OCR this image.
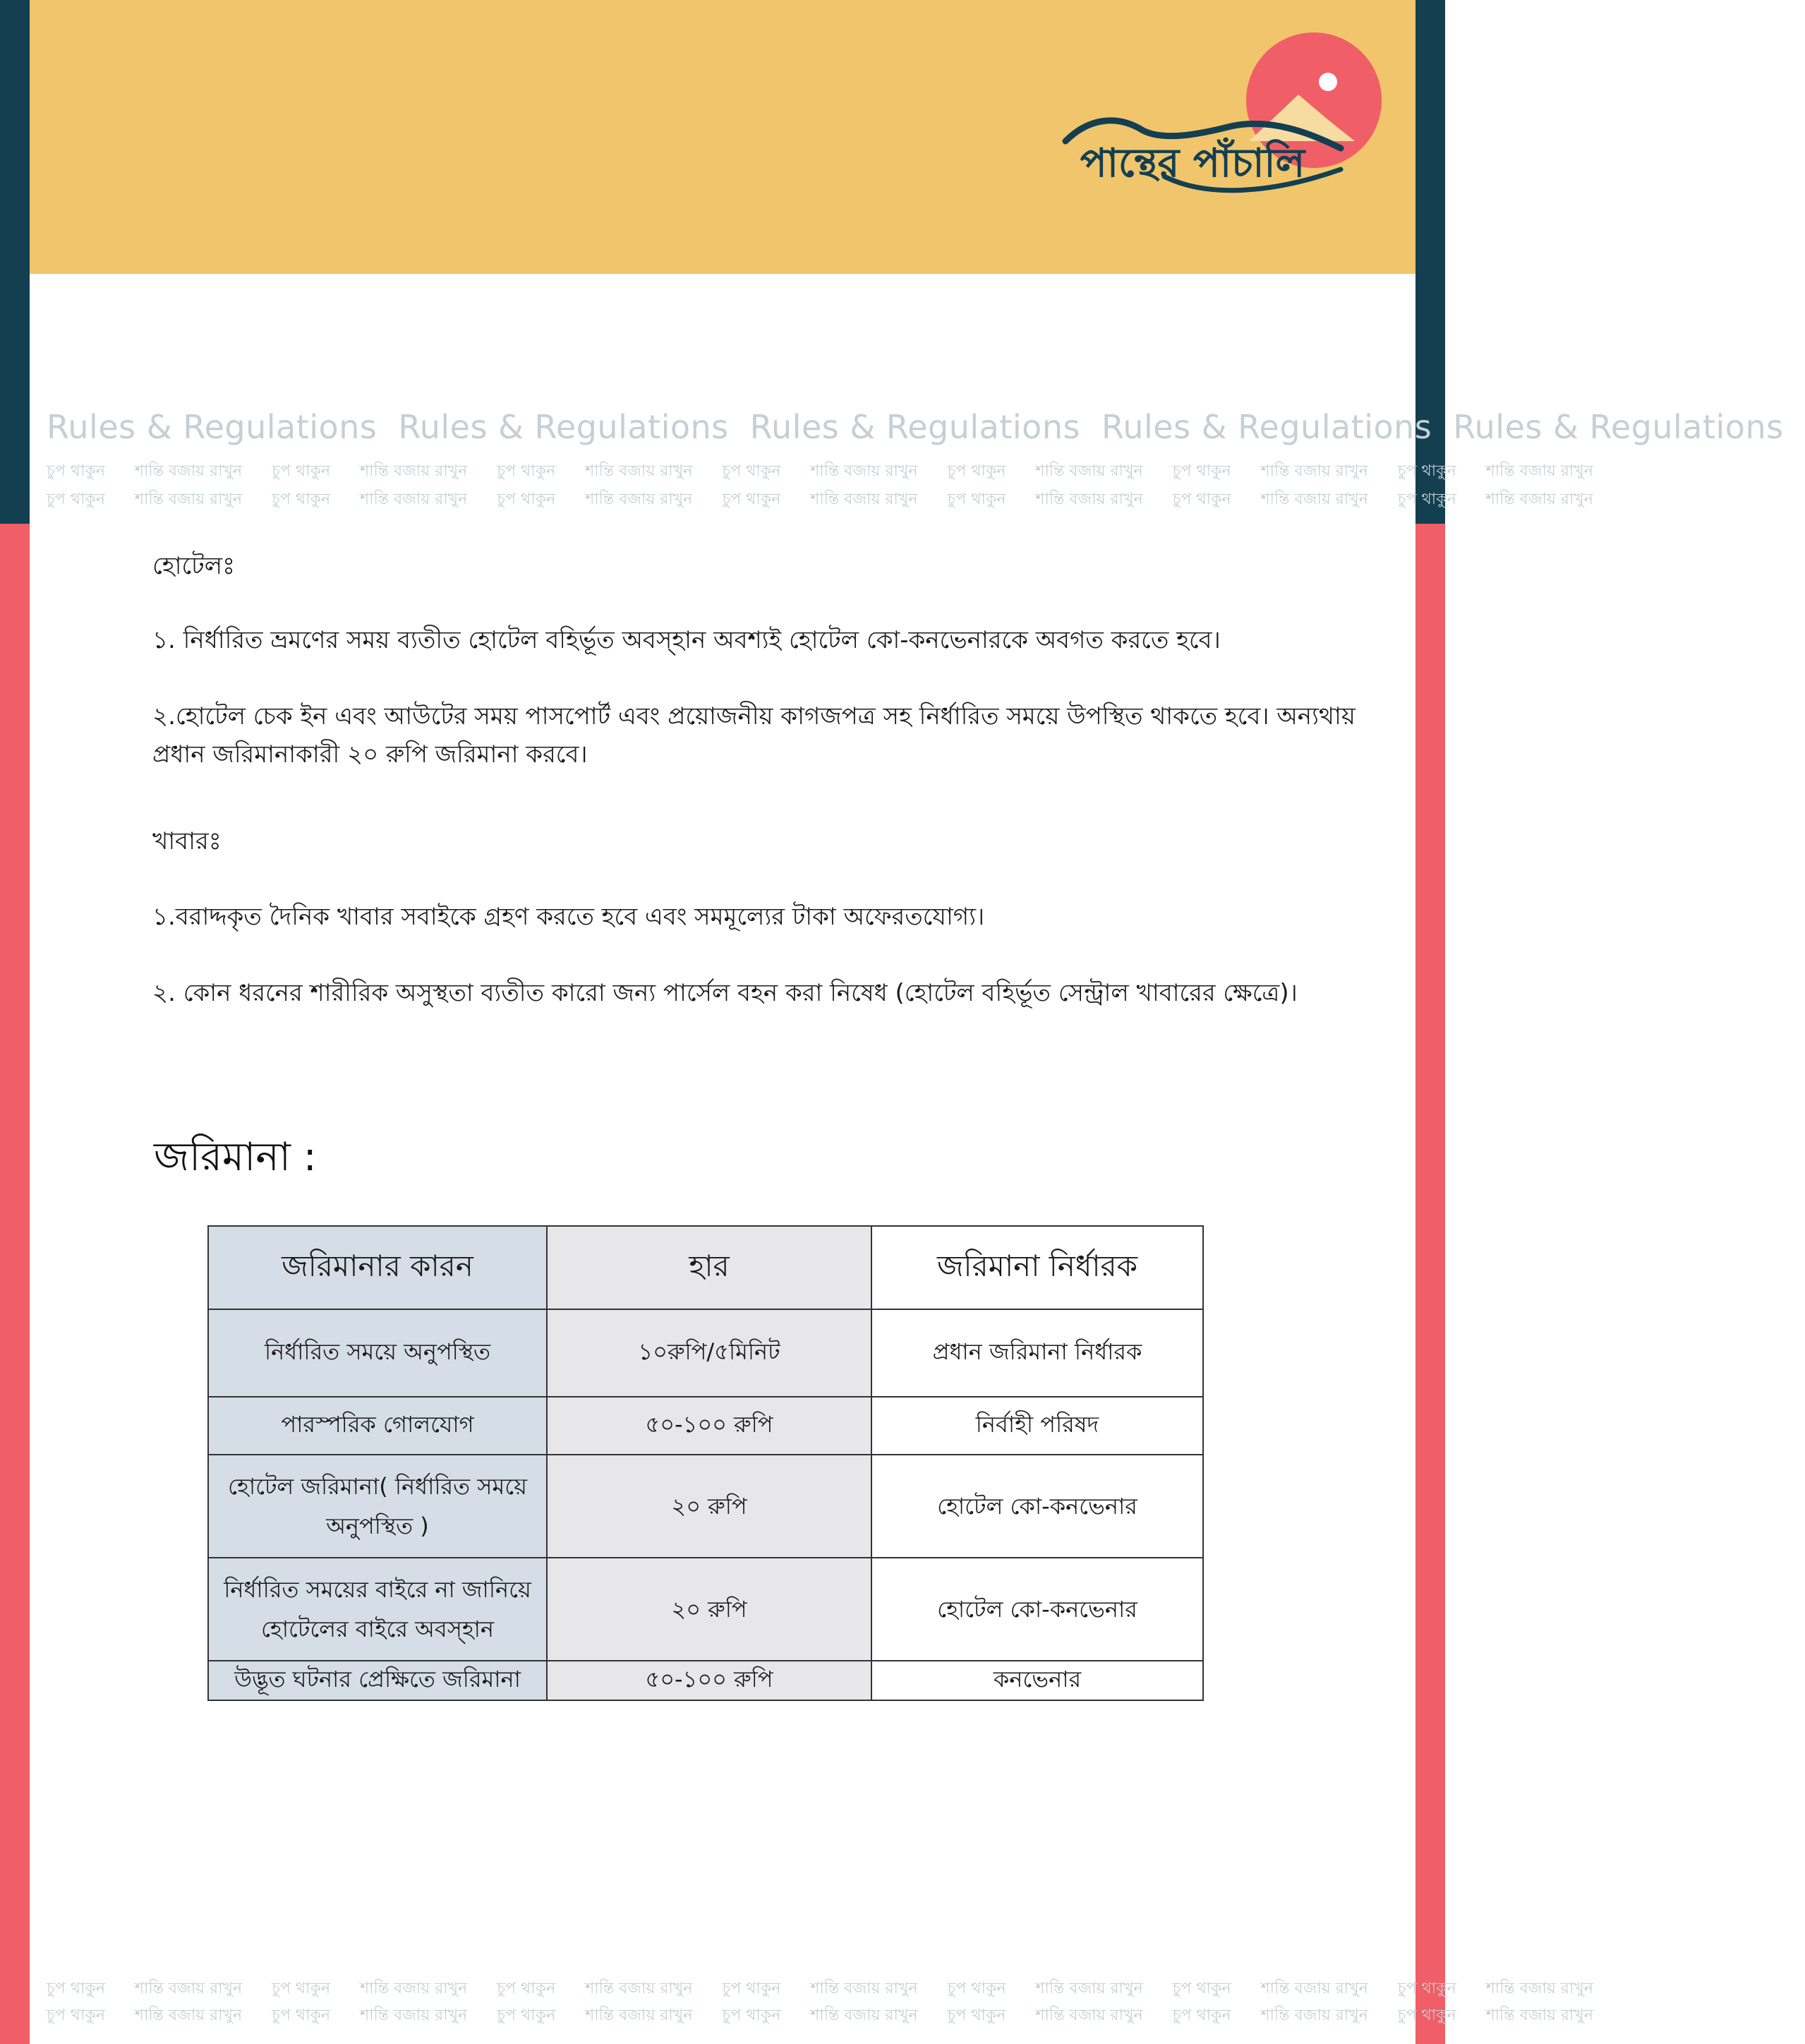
পান্থের পাঁচালি
Rules & Regulations Rules & Regulations Rules & Regulations Rules & Regulations Rules & Regulations
চুপ থাকুন শান্তি বজায় রাখুন চুপ থাকুন শান্তি বজায় রাখুন চুপ থাকুন শান্তি বজায় রাখুন চুপ থাকুন শান্তি বজায় রাখুন চুপ থাকুন শান্তি বজায় রাখুন চুপ থাকুন শান্তি বজায় রাখুন চুপ থাকুন শান্তি বজায় রাখুন
চুপ থাকুন শান্তি বজায় রাখুন চুপ থাকুন শান্তি বজায় রাখুন চুপ থাকুন শান্তি বজায় রাখুন চুপ থাকুন শান্তি বজায় রাখুন চুপ থাকুন শান্তি বজায় রাখুন চুপ থাকুন শান্তি বজায় রাখুন চুপ থাকুন শান্তি বজায় রাখুন
হোটেলঃ
১. নির্ধারিত ভ্রমণের সময় ব্যতীত হোটেল বহির্ভূত অবস্হান অবশ্যই হোটেল কো-কনভেনারকে অবগত করতে হবে।
২.হোটেল চেক ইন এবং আউটের সময় পাসপোর্ট এবং প্রয়োজনীয় কাগজপত্র সহ নির্ধারিত সময়ে উপস্থিত থাকতে হবে। অন্যথায় প্রধান জরিমানাকারী ২০ রুপি জরিমানা করবে।
খাবারঃ
১.বরাদ্দকৃত দৈনিক খাবার সবাইকে গ্রহণ করতে হবে এবং সমমূল্যের টাকা অফেরতযোগ্য।
২. কোন ধরনের শারীরিক অসুস্থতা ব্যতীত কারো জন্য পার্সেল বহন করা নিষেধ (হোটেল বহির্ভূত সেন্ট্রাল খাবারের ক্ষেত্রে)।
জরিমানা :
জরিমানার কারন	হার	জরিমানা নির্ধারক
নির্ধারিত সময়ে অনুপস্থিত	১০রুপি/৫মিনিট	প্রধান জরিমানা নির্ধারক
পারস্পরিক গোলযোগ	৫০-১০০ রুপি	নির্বাহী পরিষদ
হোটেল জরিমানা( নির্ধারিত সময়ে অনুপস্থিত )	২০ রুপি	হোটেল কো-কনভেনার
নির্ধারিত সময়ের বাইরে না জানিয়ে হোটেলের বাইরে অবস্হান	২০ রুপি	হোটেল কো-কনভেনার
উদ্ভূত ঘটনার প্রেক্ষিতে জরিমানা	৫০-১০০ রুপি	কনভেনার
চুপ থাকুন শান্তি বজায় রাখুন চুপ থাকুন শান্তি বজায় রাখুন চুপ থাকুন শান্তি বজায় রাখুন চুপ থাকুন শান্তি বজায় রাখুন চুপ থাকুন শান্তি বজায় রাখুন চুপ থাকুন শান্তি বজায় রাখুন চুপ থাকুন শান্তি বজায় রাখুন
চুপ থাকুন শান্তি বজায় রাখুন চুপ থাকুন শান্তি বজায় রাখুন চুপ থাকুন শান্তি বজায় রাখুন চুপ থাকুন শান্তি বজায় রাখুন চুপ থাকুন শান্তি বজায় রাখুন চুপ থাকুন শান্তি বজায় রাখুন চুপ থাকুন শান্তি বজায় রাখুন
